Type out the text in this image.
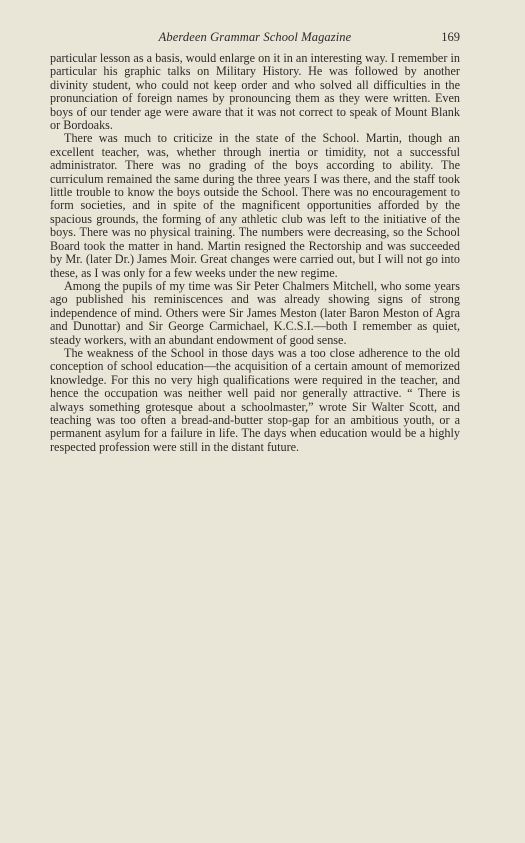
Aberdeen Grammar School Magazine	169

particular lesson as a basis, would enlarge on it in an interesting way. I remember in particular his graphic talks on Military History. He was followed by another divinity student, who could not keep order and who solved all difficulties in the pronunciation of foreign names by pronouncing them as they were written. Even boys of our tender age were aware that it was not correct to speak of Mount Blank or Bordoaks.

There was much to criticize in the state of the School. Martin, though an excellent teacher, was, whether through inertia or timidity, not a successful administrator. There was no grading of the boys according to ability. The curriculum remained the same during the three years I was there, and the staff took little trouble to know the boys outside the School. There was no encouragement to form societies, and in spite of the magnificent opportunities afforded by the spacious grounds, the forming of any athletic club was left to the initiative of the boys. There was no physical training. The numbers were decreasing, so the School Board took the matter in hand. Martin resigned the Rectorship and was succeeded by Mr. (later Dr.) James Moir. Great changes were carried out, but I will not go into these, as I was only for a few weeks under the new regime.

Among the pupils of my time was Sir Peter Chalmers Mitchell, who some years ago published his reminiscences and was already showing signs of strong independence of mind. Others were Sir James Meston (later Baron Meston of Agra and Dunottar) and Sir George Carmichael, K.C.S.I.—both I remember as quiet, steady workers, with an abundant endowment of good sense.

The weakness of the School in those days was a too close adherence to the old conception of school education—the acquisition of a certain amount of memorized knowledge. For this no very high qualifications were required in the teacher, and hence the occupation was neither well paid nor generally attractive. “ There is always something grotesque about a schoolmaster,” wrote Sir Walter Scott, and teaching was too often a bread-and-butter stop-gap for an ambitious youth, or a permanent asylum for a failure in life. The days when education would be a highly respected profession were still in the distant future.
